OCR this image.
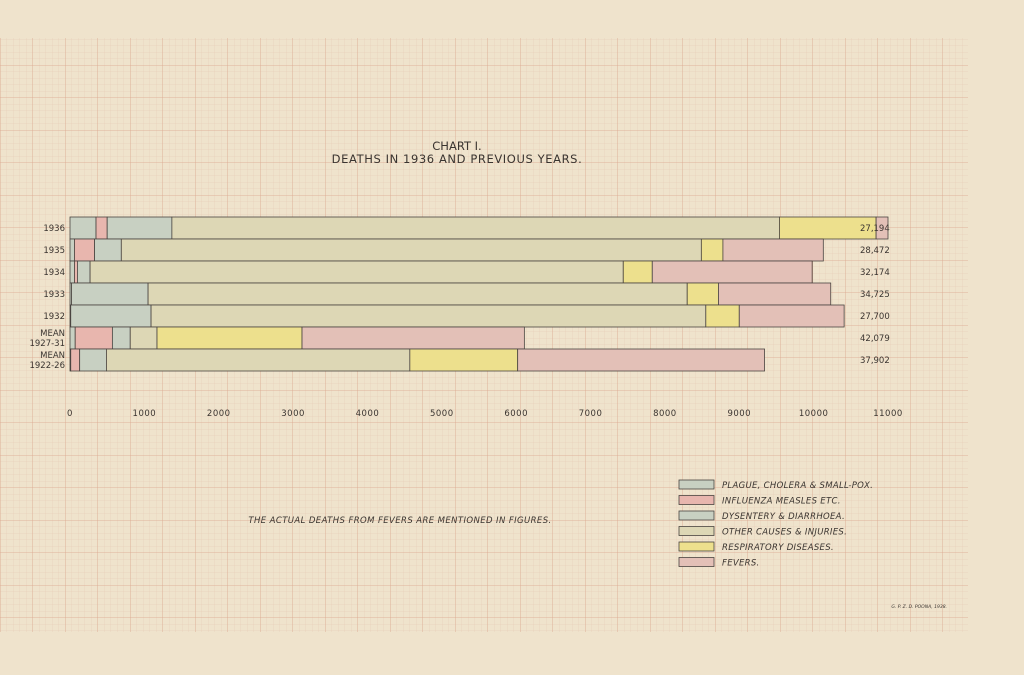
CHART I.
DEATHS IN 1936 AND PREVIOUS YEARS.
1936
1935
1934
1933
1932
MEAN
1927-31
MEAN
1922-26
27,194
28,472
32,174
34,725
27,700
42,079
37,902
0	1000	2000	3000	4000	5000	6000	7000	8000	9000	10000	11000
THE ACTUAL DEATHS FROM FEVERS ARE MENTIONED IN FIGURES.
PLAGUE, CHOLERA & SMALL-POX.
INFLUENZA MEASLES ETC.
DYSENTERY & DIARRHOEA.
OTHER CAUSES & INJURIES.
RESPIRATORY DISEASES.
FEVERS.
G. P. Z. D. POONA, 1938.
